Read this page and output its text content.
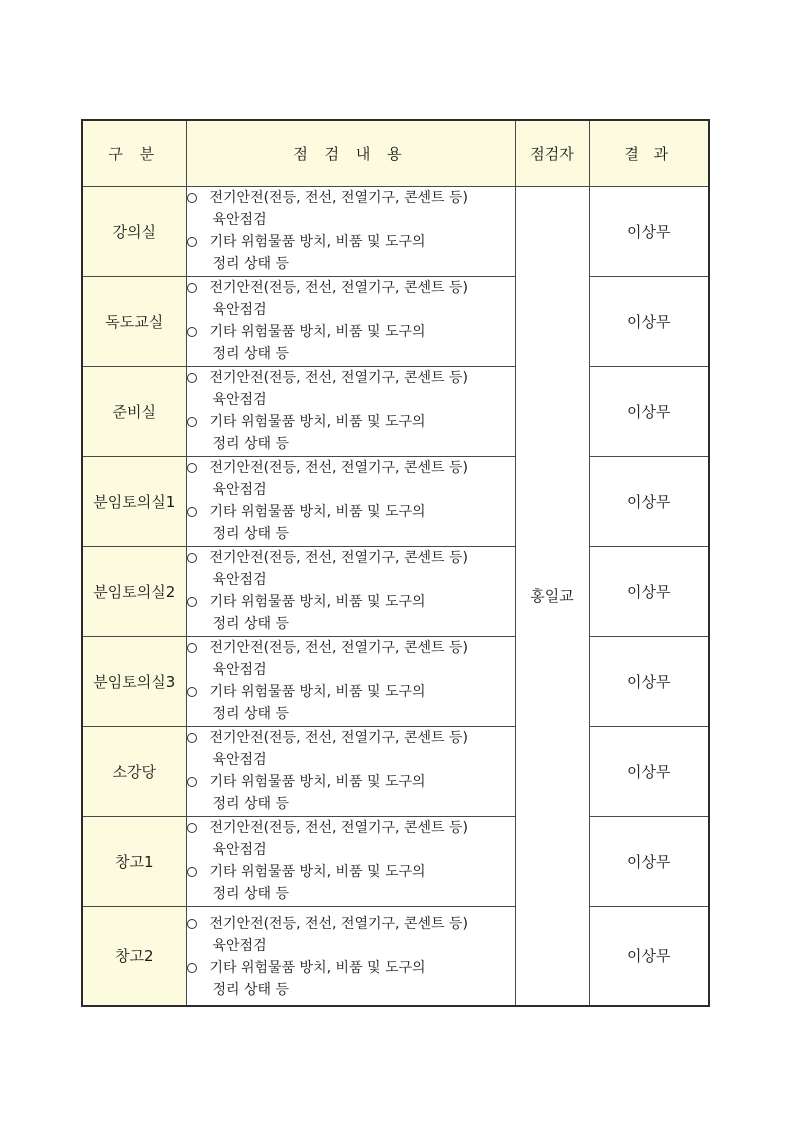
구 분	점 검 내 용	점검자	결 과
강의실	전기안전(전등, 전선, 전열기구, 콘센트 등)
육안점검
기타 위험물품 방치, 비품 및 도구의
정리 상태 등	홍일교	이상무
독도교실	전기안전(전등, 전선, 전열기구, 콘센트 등)
육안점검
기타 위험물품 방치, 비품 및 도구의
정리 상태 등		이상무
준비실	전기안전(전등, 전선, 전열기구, 콘센트 등)
육안점검
기타 위험물품 방치, 비품 및 도구의
정리 상태 등		이상무
분임토의실1	전기안전(전등, 전선, 전열기구, 콘센트 등)
육안점검
기타 위험물품 방치, 비품 및 도구의
정리 상태 등		이상무
분임토의실2	전기안전(전등, 전선, 전열기구, 콘센트 등)
육안점검
기타 위험물품 방치, 비품 및 도구의
정리 상태 등		이상무
분임토의실3	전기안전(전등, 전선, 전열기구, 콘센트 등)
육안점검
기타 위험물품 방치, 비품 및 도구의
정리 상태 등		이상무
소강당	전기안전(전등, 전선, 전열기구, 콘센트 등)
육안점검
기타 위험물품 방치, 비품 및 도구의
정리 상태 등		이상무
창고1	전기안전(전등, 전선, 전열기구, 콘센트 등)
육안점검
기타 위험물품 방치, 비품 및 도구의
정리 상태 등		이상무
창고2	전기안전(전등, 전선, 전열기구, 콘센트 등)
육안점검
기타 위험물품 방치, 비품 및 도구의
정리 상태 등		이상무
